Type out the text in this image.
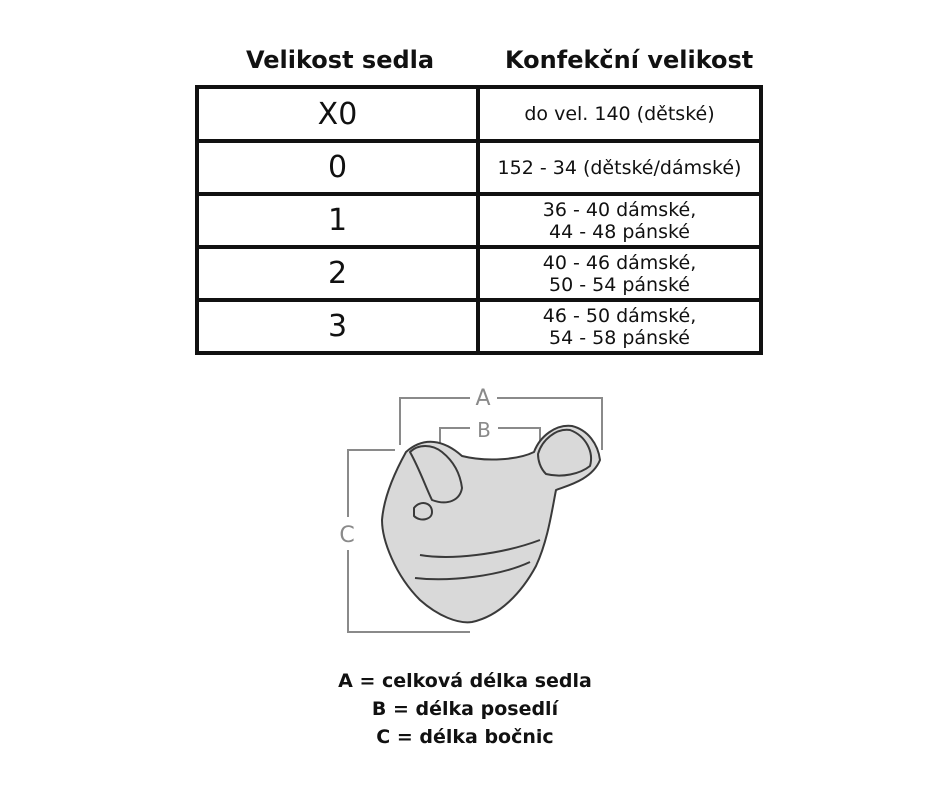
Velikost sedla	Konfekční velikost
X0	do vel. 140 (dětské)

0	152 - 34 (dětské/dámské)

1	36 - 40 dámské,
44 - 48 pánské

2	40 - 46 dámské,
50 - 54 pánské

3	46 - 50 dámské,
54 - 58 pánské
A
B
C
A = celková délka sedla
B = délka posedlí
C = délka bočnic
